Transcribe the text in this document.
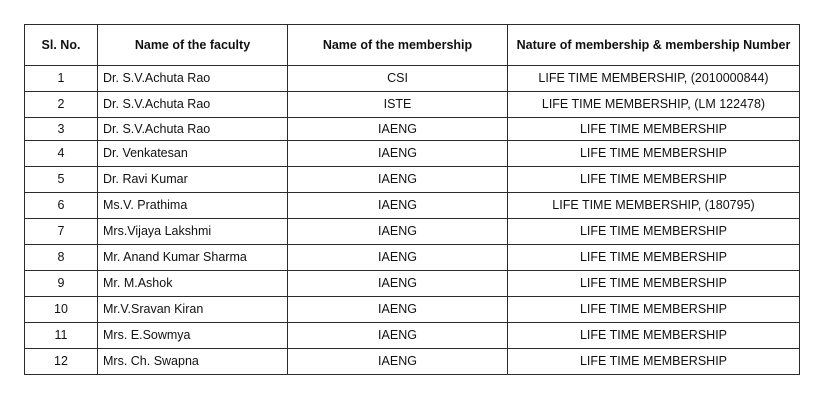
Sl. No.	Name of the faculty	Name of the membership	Nature of membership & membership Number
1	Dr. S.V.Achuta Rao	CSI	LIFE TIME MEMBERSHIP, (2010000844)
2	Dr. S.V.Achuta Rao	ISTE	LIFE TIME MEMBERSHIP, (LM 122478)
3	Dr. S.V.Achuta Rao	IAENG	LIFE TIME MEMBERSHIP
4	Dr. Venkatesan	IAENG	LIFE TIME MEMBERSHIP
5	Dr. Ravi Kumar	IAENG	LIFE TIME MEMBERSHIP
6	Ms.V. Prathima	IAENG	LIFE TIME MEMBERSHIP, (180795)
7	Mrs.Vijaya Lakshmi	IAENG	LIFE TIME MEMBERSHIP
8	Mr. Anand Kumar Sharma	IAENG	LIFE TIME MEMBERSHIP
9	Mr. M.Ashok	IAENG	LIFE TIME MEMBERSHIP
10	Mr.V.Sravan Kiran	IAENG	LIFE TIME MEMBERSHIP
11	Mrs. E.Sowmya	IAENG	LIFE TIME MEMBERSHIP
12	Mrs. Ch. Swapna	IAENG	LIFE TIME MEMBERSHIP
